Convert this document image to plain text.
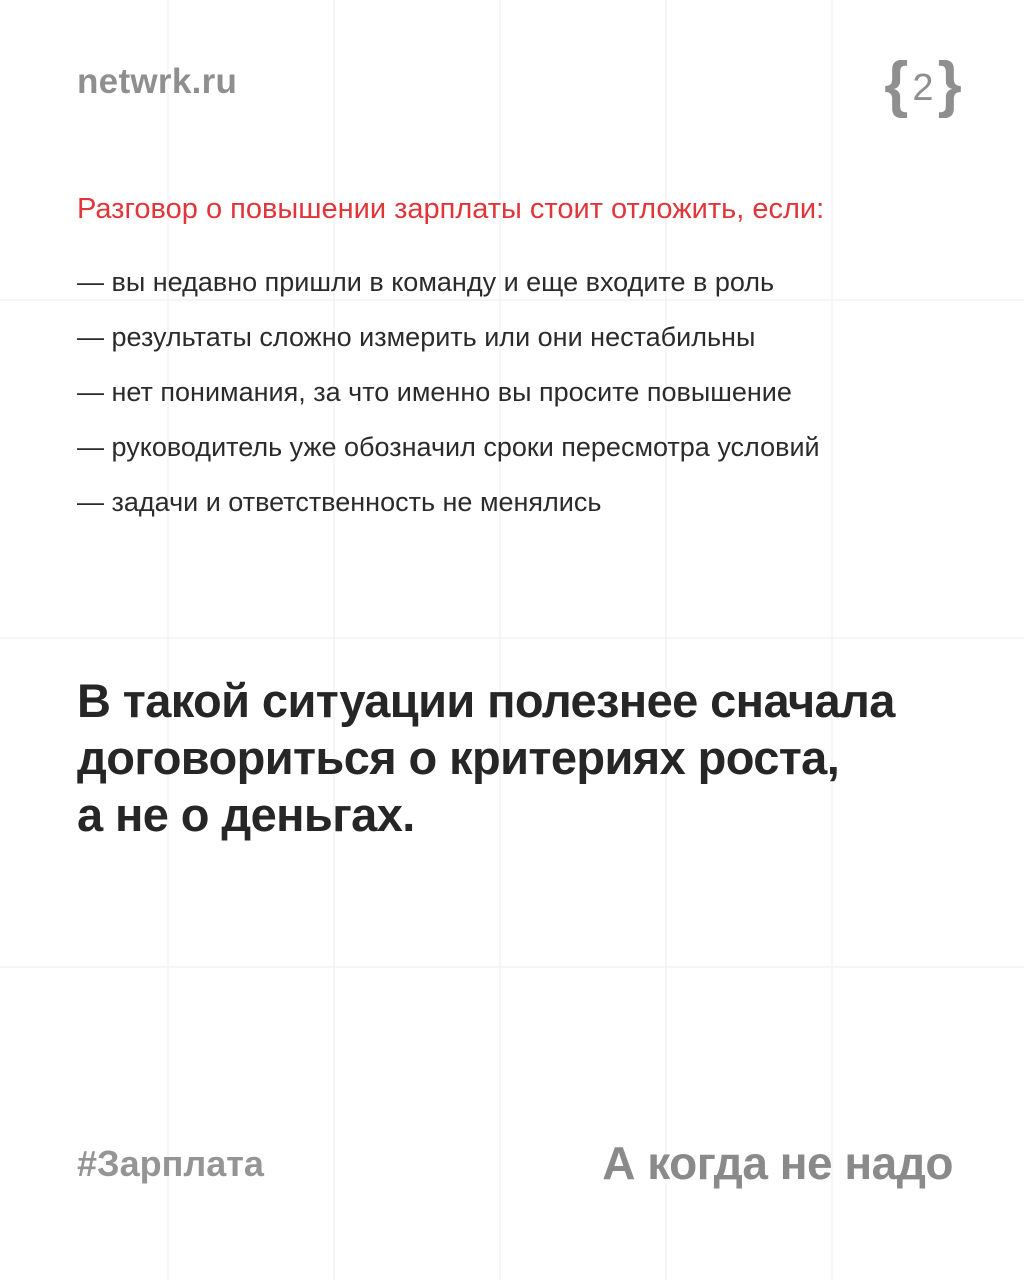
netwrk.ru	{ 2 }
Разговор о повышении зарплаты стоит отложить, если:
— вы недавно пришли в команду и еще входите в роль
— результаты сложно измерить или они нестабильны
— нет понимания, за что именно вы просите повышение
— руководитель уже обозначил сроки пересмотра условий
— задачи и ответственность не менялись
В такой ситуации полезнее сначала
договориться о критериях роста,
а не о деньгах.
#Зарплата	А когда не надо
